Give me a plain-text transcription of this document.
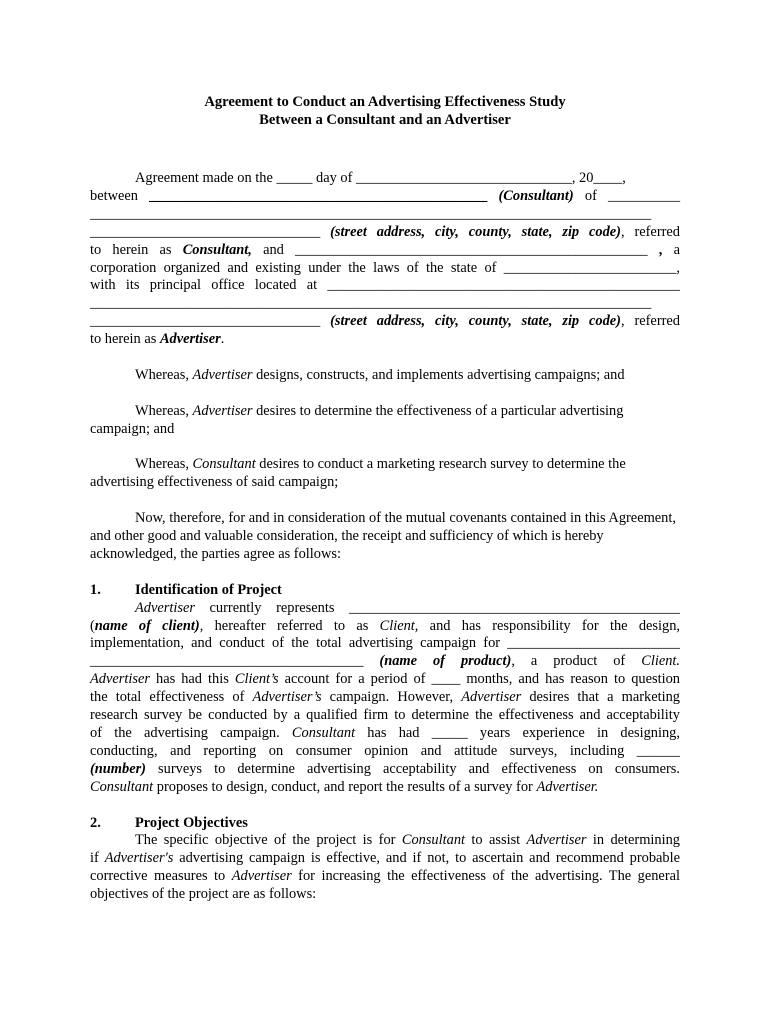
Agreement to Conduct an Advertising Effectiveness Study
Between a Consultant and an Advertiser

Agreement made on the _____ day of ______________________________, 20____,

between _______________________________________________ (Consultant) of __________

______________________________________________________________________________

________________________________ (street address, city, county, state, zip code), referred

to herein as Consultant, and _________________________________________________ , a

corporation organized and existing under the laws of the state of ________________________,

with its principal office located at _________________________________________________

______________________________________________________________________________

________________________________ (street address, city, county, state, zip code), referred

to herein as Advertiser.

Whereas, Advertiser designs, constructs, and implements advertising campaigns; and

Whereas, Advertiser desires to determine the effectiveness of a particular advertising campaign; and

Whereas, Consultant desires to conduct a marketing research survey to determine the advertising effectiveness of said campaign;

Now, therefore, for and in consideration of the mutual covenants contained in this Agreement, and other good and valuable consideration, the receipt and sufficiency of which is hereby acknowledged, the parties agree as follows:

1. Identification of Project

Advertiser currently represents ______________________________________________

(name of client), hereafter referred to as Client, and has responsibility for the design,

implementation, and conduct of the total advertising campaign for ________________________

______________________________________ (name of product), a product of Client.

Advertiser has had this Client’s account for a period of ____ months, and has reason to question

the total effectiveness of Advertiser’s campaign. However, Advertiser desires that a marketing

research survey be conducted by a qualified firm to determine the effectiveness and acceptability

of the advertising campaign. Consultant has had _____ years experience in designing,

conducting, and reporting on consumer opinion and attitude surveys, including ______

(number) surveys to determine advertising acceptability and effectiveness on consumers.

Consultant proposes to design, conduct, and report the results of a survey for Advertiser.

2. Project Objectives

The specific objective of the project is for Consultant to assist Advertiser in determining

if Advertiser's advertising campaign is effective, and if not, to ascertain and recommend probable

corrective measures to Advertiser for increasing the effectiveness of the advertising. The general

objectives of the project are as follows:
